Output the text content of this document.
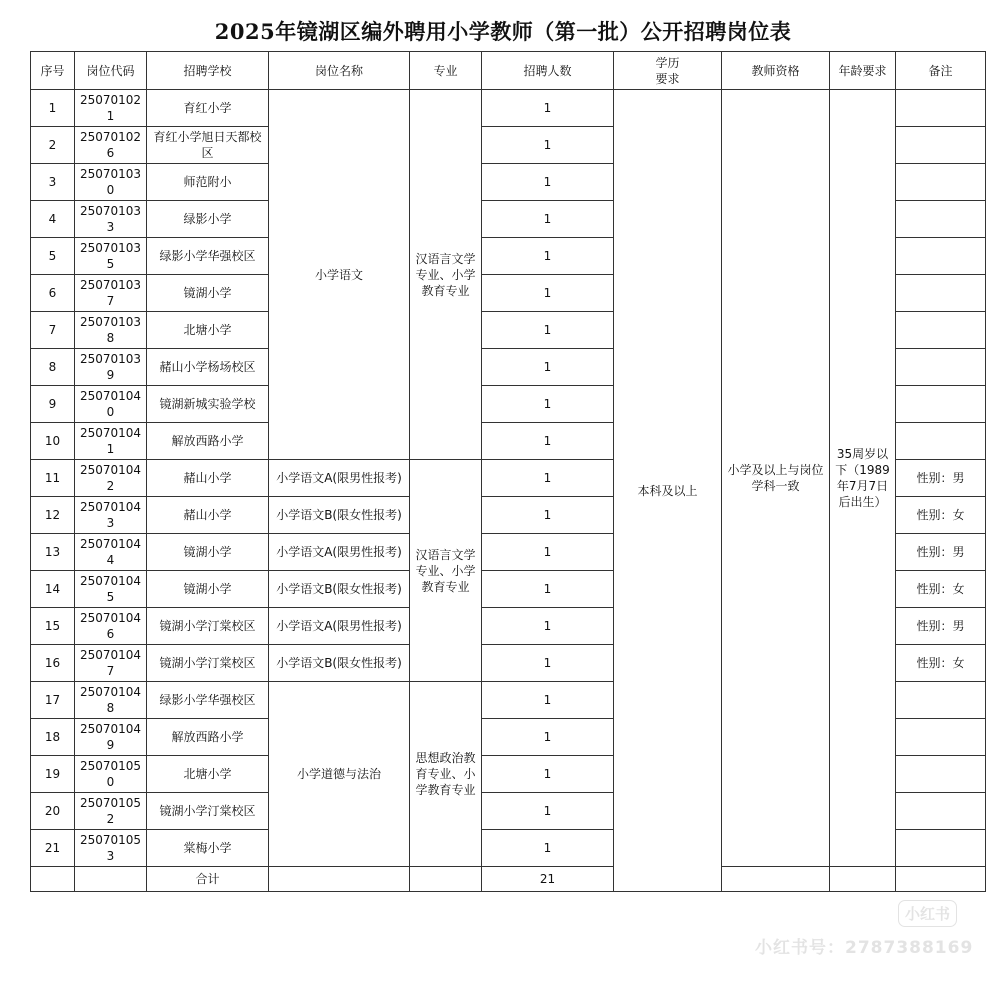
2025年镜湖区编外聘用小学教师（第一批）公开招聘岗位表
序号	岗位代码	招聘学校	岗位名称	专业	招聘人数	学历要求	教师资格	年龄要求	备注
1	250701021	育红小学	小学语文	汉语言文学专业、小学教育专业	1	本科及以上	小学及以上与岗位学科一致	35周岁以下（1989年7月7日后出生）	
2	250701026	育红小学旭日天都校区			1				
3	250701030	师范附小			1				
4	250701033	绿影小学			1				
5	250701035	绿影小学华强校区			1				
6	250701037	镜湖小学			1				
7	250701038	北塘小学			1				
8	250701039	赭山小学杨场校区			1				
9	250701040	镜湖新城实验学校			1				
10	250701041	解放西路小学			1				
11	250701042	赭山小学	小学语文A(限男性报考)	汉语言文学专业、小学教育专业	1				性别：男
12	250701043	赭山小学	小学语文B(限女性报考)		1				性别：女
13	250701044	镜湖小学	小学语文A(限男性报考)		1				性别：男
14	250701045	镜湖小学	小学语文B(限女性报考)		1				性别：女
15	250701046	镜湖小学汀棠校区	小学语文A(限男性报考)		1				性别：男
16	250701047	镜湖小学汀棠校区	小学语文B(限女性报考)		1				性别：女
17	250701048	绿影小学华强校区	小学道德与法治	思想政治教育专业、小学教育专业	1				
18	250701049	解放西路小学			1				
19	250701050	北塘小学			1				
20	250701052	镜湖小学汀棠校区			1				
21	250701053	棠梅小学			1				
		合计			21				
小红书
小红书号：2787388169
